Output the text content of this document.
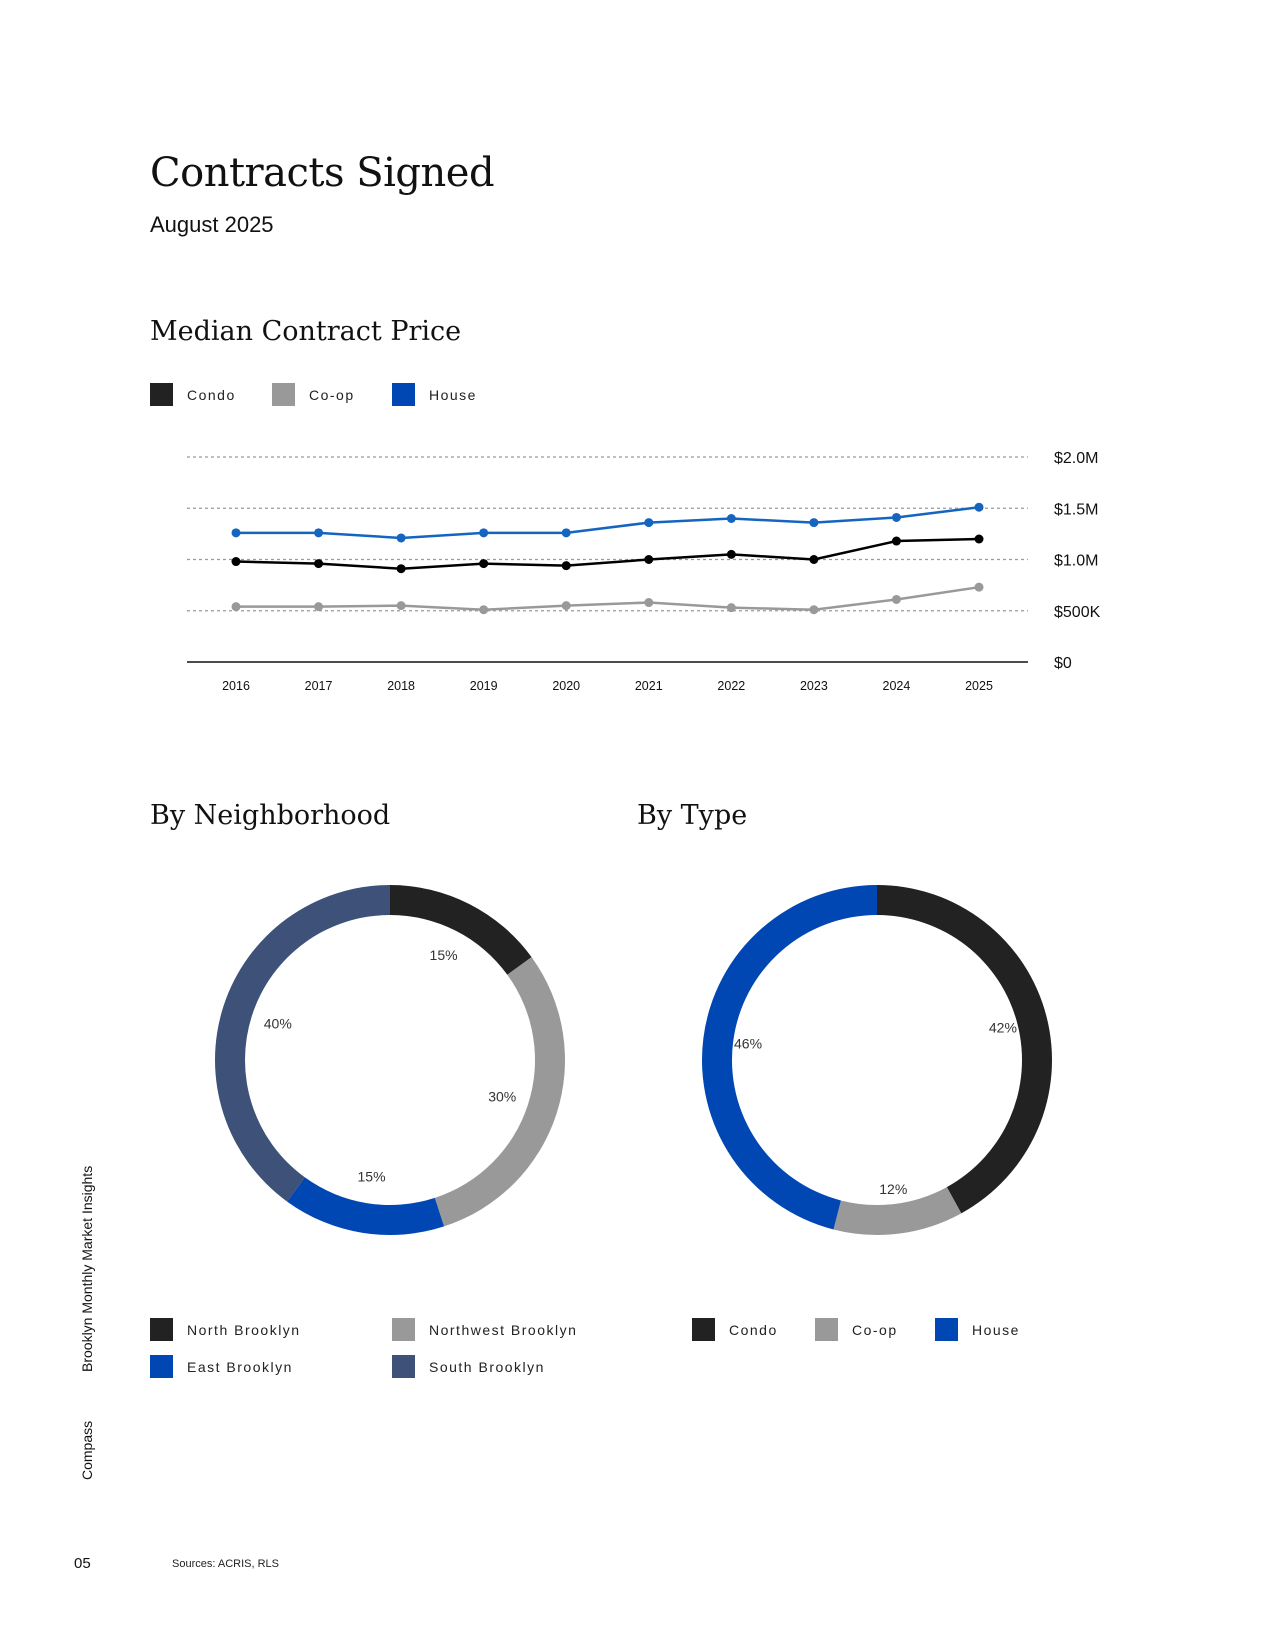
Contracts Signed
August 2025
Median Contract Price
Condo	Co-op	House
$0
$500K
$1.0M
$1.5M
$2.0M
2016	2017	2018	2019	2020	2021	2022	2023	2024	2025
By Neighborhood	By Type
15%
30%
15%
40%	42%
12%
46%
North Brooklyn	Northwest Brooklyn
East Brooklyn	South Brooklyn
Condo	Co-op	House
Brooklyn Monthly Market Insights
Compass
05	Sources: ACRIS, RLS
